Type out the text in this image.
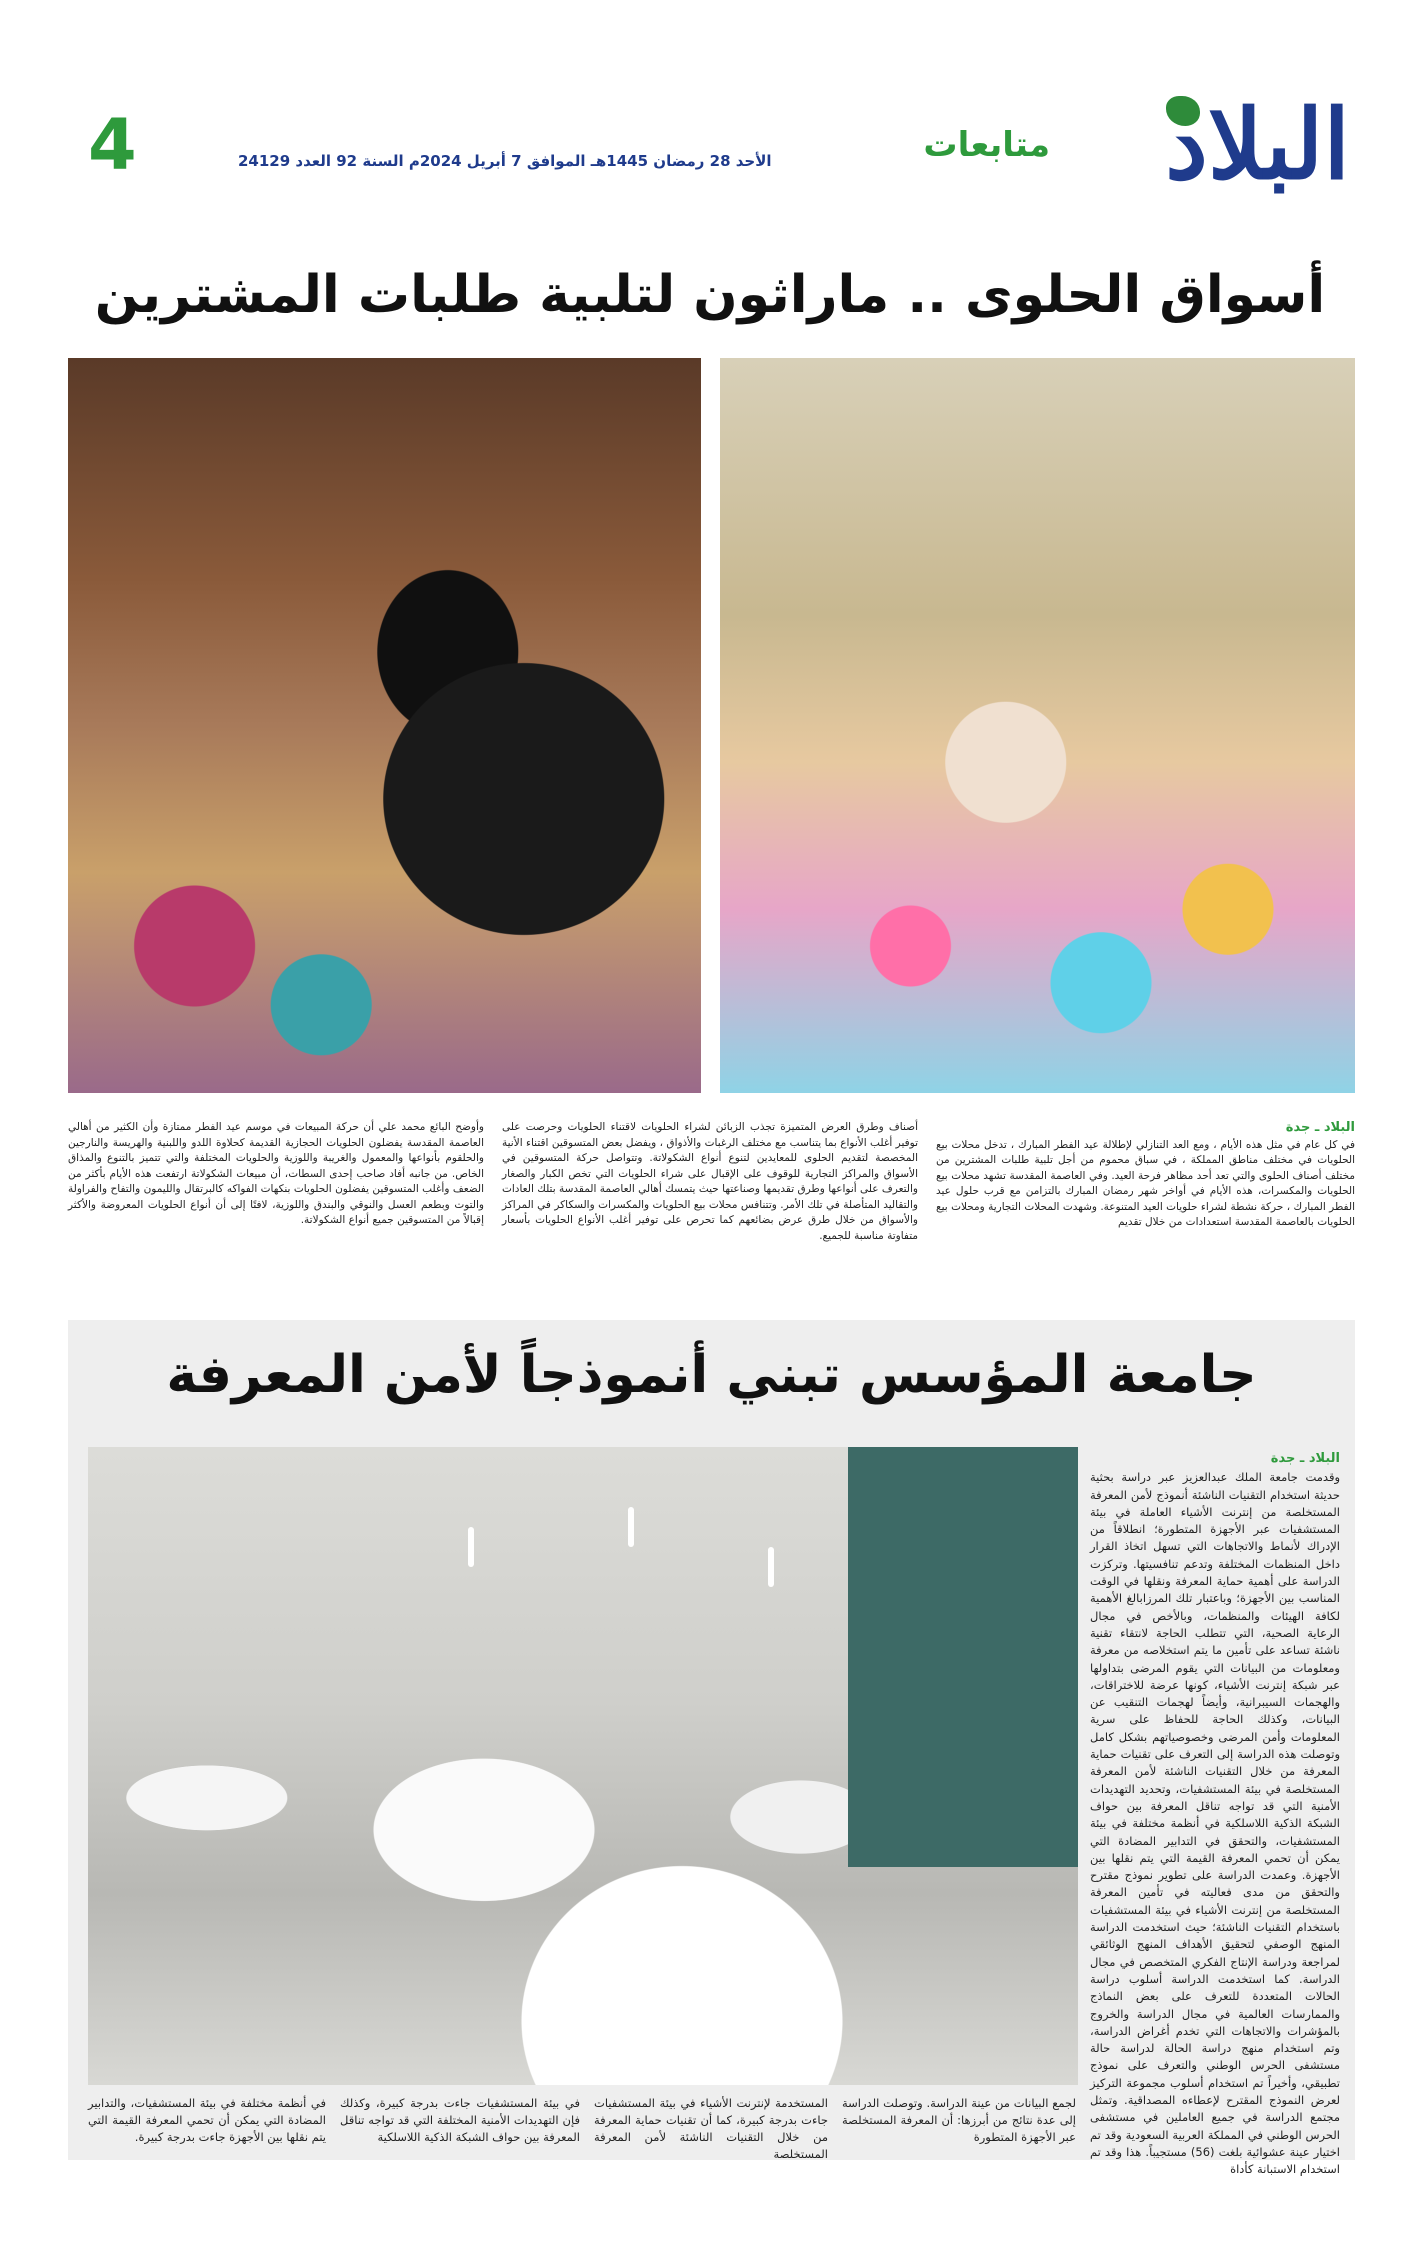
البلاد
متابعات
الأحد 28 رمضان 1445هـ الموافق 7 أبريل 2024م السنة 92 العدد 24129
4
أسواق الحلوى .. ماراثون لتلبية طلبات المشترين
البلاد ـ جدة
في كل عام في مثل هذه الأيام ، ومع العد التنازلي لإطلالة عيد الفطر المبارك ، تدخل محلات بيع الحلويات في مختلف مناطق المملكة ، في سباق محموم من أجل تلبية طلبات المشترين من مختلف أصناف الحلوى والتي تعد أحد مظاهر فرحة العيد. وفي العاصمة المقدسة تشهد محلات بيع الحلويات والمكسرات، هذه الأيام في أواخر شهر رمضان المبارك بالتزامن مع قرب حلول عيد الفطر المبارك ، حركة نشطة لشراء حلويات العيد المتنوعة. وشهدت المحلات التجارية ومحلات بيع الحلويات بالعاصمة المقدسة استعدادات من خلال تقديم
أصناف وطرق العرض المتميزة تجذب الزبائن لشراء الحلويات لاقتناء الحلويات وحرصت على توفير أغلب الأنواع بما يتناسب مع مختلف الرغبات والأذواق ، ويفضل بعض المتسوقين اقتناء الأنية المخصصة لتقديم الحلوى للمعايدين لتنوع أنواع الشكولاتة. وتتواصل حركة المتسوقين في الأسواق والمراكز التجارية للوقوف على الإقبال على شراء الحلويات التي تخص الكبار والصغار والتعرف على أنواعها وطرق تقديمها وصناعتها حيث يتمسك أهالي العاصمة المقدسة بتلك العادات والتقاليد المتأصلة في تلك الأمر. وتتنافس محلات بيع الحلويات والمكسرات والسكاكر في المراكز والأسواق من خلال طرق عرض بضائعهم كما تحرص على توفير أغلب الأنواع الحلويات بأسعار متفاوتة مناسبة للجميع.
وأوضح البائع محمد علي أن حركة المبيعات في موسم عيد الفطر ممتازة وأن الكثير من أهالي العاصمة المقدسة يفضلون الحلويات الحجازية القديمة كحلاوة اللدو واللبنية والهريسة والنارجين والحلقوم بأنواعها والمعمول والغريبة واللوزية والحلويات المختلفة والتي تتميز بالتنوع والمذاق الخاص. من جانبه أفاد صاحب إحدى السطات، أن مبيعات الشكولاتة ارتفعت هذه الأيام بأكثر من الضعف وأغلب المتسوقين يفضلون الحلويات بنكهات الفواكه كالبرتقال والليمون والتفاح والفراولة والتوت وبطعم العسل والنوقي والبندق واللوزية، لافتًا إلى أن أنواع الحلويات المعروضة والأكثر إقبالاً من المتسوقين جميع أنواع الشكولاتة.
جامعة المؤسس تبني أنموذجاً لأمن المعرفة
البلاد ـ جدة
وقدمت جامعة الملك عبدالعزيز عبر دراسة بحثية حديثة استخدام التقنيات الناشئة أنموذج لأمن المعرفة المستخلصة من إنترنت الأشياء العاملة في بيئة المستشفيات عبر الأجهزة المتطورة؛ انطلاقاً من الإدراك لأنماط والاتجاهات التي تسهل اتخاذ القرار داخل المنظمات المختلفة وتدعم تنافسيتها. وتركزت الدراسة على أهمية حماية المعرفة ونقلها في الوقت المناسب بين الأجهزة؛ وباعتبار تلك المرزابالغ الأهمية لكافة الهيئات والمنظمات، وبالأخص في مجال الرعاية الصحية، التي تتطلب الحاجة لانتقاء تقنية ناشئة تساعد على تأمين ما يتم استخلاصه من معرفة ومعلومات من البيانات التي يقوم المرضى بتداولها عبر شبكة إنترنت الأشياء، كونها عرضة للاختراقات، والهجمات السيبرانية، وأيضاً لهجمات التنقيب عن البيانات، وكذلك الحاجة للحفاظ على سرية المعلومات وأمن المرضى وخصوصياتهم بشكل كامل وتوصلت هذه الدراسة إلى التعرف على تقنيات حماية المعرفة من خلال التقنيات الناشئة لأمن المعرفة المستخلصة في بيئة المستشفيات، وتحديد التهديدات الأمنية التي قد تواجه تناقل المعرفة بين حواف الشبكة الذكية اللاسلكية في أنظمة مختلفة في بيئة المستشفيات، والتحقق في التدابير المضادة التي يمكن أن تحمي المعرفة القيمة التي يتم نقلها بين الأجهزة. وعمدت الدراسة على تطوير نموذج مقترح والتحقق من مدى فعاليته في تأمين المعرفة المستخلصة من إنترنت الأشياء في بيئة المستشفيات باستخدام التقنيات الناشئة؛ حيث استخدمت الدراسة المنهج الوصفي لتحقيق الأهداف المنهج الوثائقي لمراجعة ودراسة الإنتاج الفكري المتخصص في مجال الدراسة. كما استخدمت الدراسة أسلوب دراسة الحالات المتعددة للتعرف على بعض النماذج والممارسات العالمية في مجال الدراسة والخروج بالمؤشرات والاتجاهات التي تخدم أغراض الدراسة، وتم استخدام منهج دراسة الحالة لدراسة حالة مستشفى الحرس الوطني والتعرف على نموذج تطبيقي، وأخيراً تم استخدام أسلوب مجموعة التركيز لعرض النموذج المقترح لإعطاءه المصداقية. وتمثل مجتمع الدراسة في جميع العاملين في مستشفى الحرس الوطني في المملكة العربية السعودية وقد تم اختيار عينة عشوائية بلغت (56) مستجيباً. هذا وقد تم استخدام الاستبانة كأداة
لجمع البيانات من عينة الدراسة. وتوصلت الدراسة إلى عدة نتائج من أبرزها: أن المعرفة المستخلصة عبر الأجهزة المتطورة
المستخدمة لإنترنت الأشياء في بيئة المستشفيات جاءت بدرجة كبيرة، كما أن تقنيات حماية المعرفة من خلال التقنيات الناشئة لأمن المعرفة المستخلصة
في بيئة المستشفيات جاءت بدرجة كبيرة، وكذلك فإن التهديدات الأمنية المختلفة التي قد تواجه تناقل المعرفة بين حواف الشبكة الذكية اللاسلكية
في أنظمة مختلفة في بيئة المستشفيات، والتدابير المضادة التي يمكن أن تحمي المعرفة القيمة التي يتم نقلها بين الأجهزة جاءت بدرجة كبيرة.
